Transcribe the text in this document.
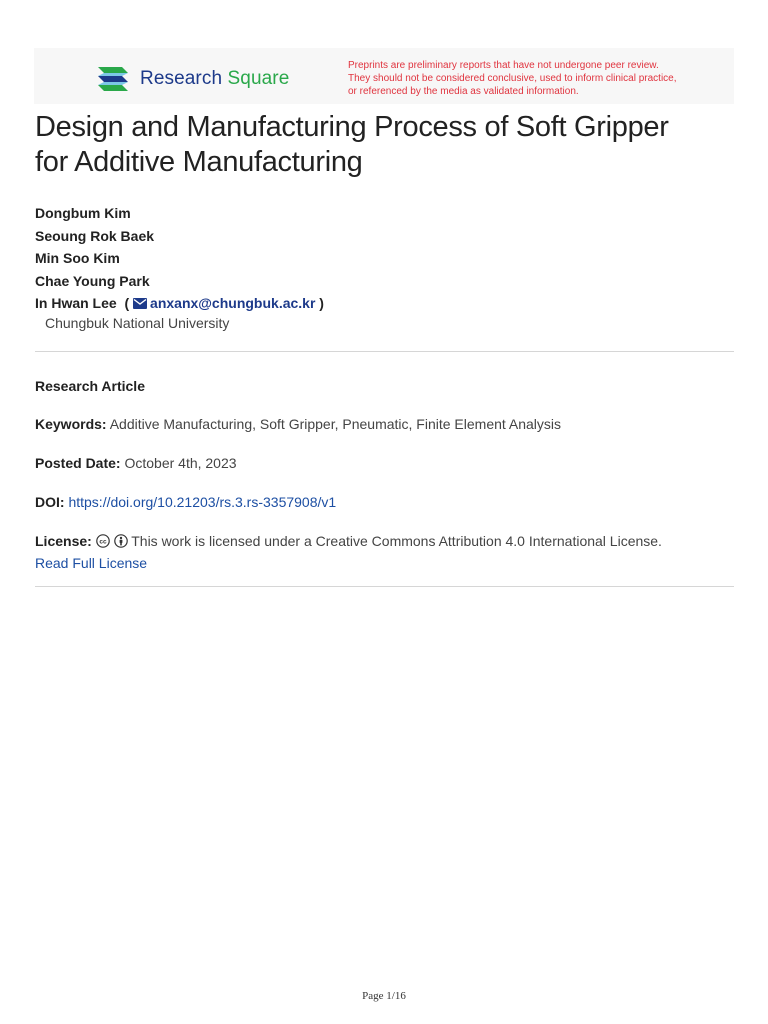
Research Square
Preprints are preliminary reports that have not undergone peer review.
They should not be considered conclusive, used to inform clinical practice,
or referenced by the media as validated information.
Design and Manufacturing Process of Soft Gripper
for Additive Manufacturing
Dongbum Kim
Seoung Rok Baek
Min Soo Kim
Chae Young Park
In Hwan Lee ( anxanx@chungbuk.ac.kr )
Chungbuk National University
Research Article
Keywords: Additive Manufacturing, Soft Gripper, Pneumatic, Finite Element Analysis
Posted Date: October 4th, 2023
DOI: https://doi.org/10.21203/rs.3.rs-3357908/v1
License: cc This work is licensed under a Creative Commons Attribution 4.0 International License.
Read Full License
Page 1/16
